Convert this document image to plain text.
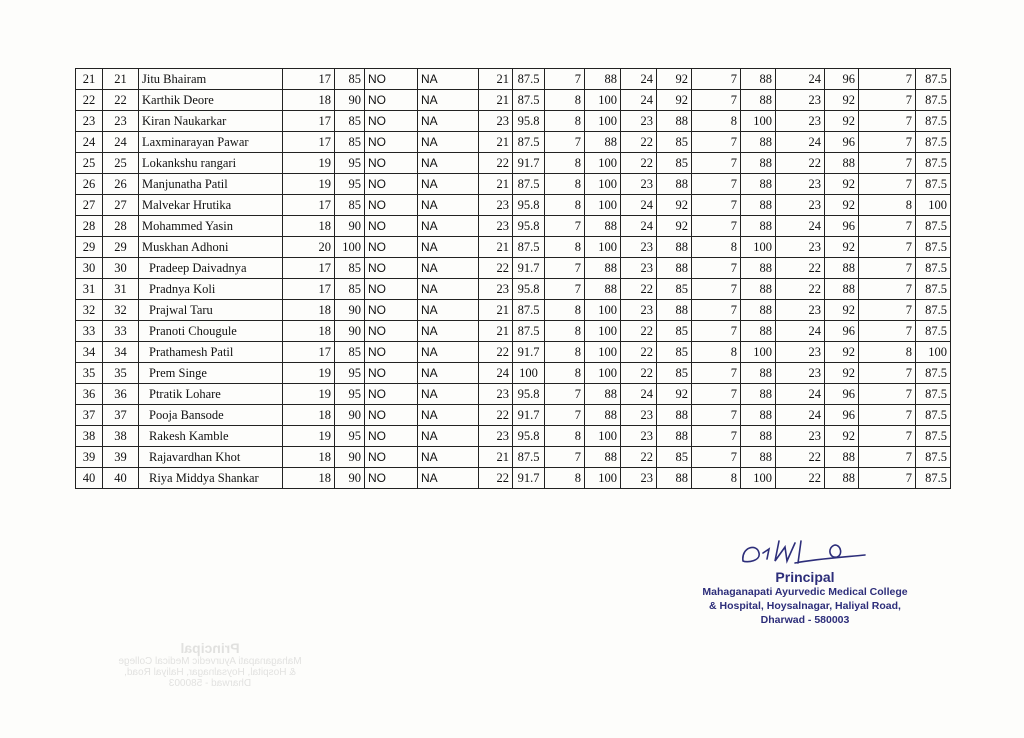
Principal
Mahaganapati Ayurvedic Medical College
& Hospital, Hoysalnagar, Haliyal Road,
Dharwad - 580003
21	21	Jitu Bhairam	17	85	NO	NA	21	87.5	7	88	24	92	7	88	24	96	7	87.5
22	22	Karthik Deore	18	90	NO	NA	21	87.5	8	100	24	92	7	88	23	92	7	87.5
23	23	Kiran Naukarkar	17	85	NO	NA	23	95.8	8	100	23	88	8	100	23	92	7	87.5
24	24	Laxminarayan Pawar	17	85	NO	NA	21	87.5	7	88	22	85	7	88	24	96	7	87.5
25	25	Lokankshu rangari	19	95	NO	NA	22	91.7	8	100	22	85	7	88	22	88	7	87.5
26	26	Manjunatha Patil	19	95	NO	NA	21	87.5	8	100	23	88	7	88	23	92	7	87.5
27	27	Malvekar Hrutika	17	85	NO	NA	23	95.8	8	100	24	92	7	88	23	92	8	100
28	28	Mohammed Yasin	18	90	NO	NA	23	95.8	7	88	24	92	7	88	24	96	7	87.5
29	29	Muskhan Adhoni	20	100	NO	NA	21	87.5	8	100	23	88	8	100	23	92	7	87.5
30	30	Pradeep Daivadnya	17	85	NO	NA	22	91.7	7	88	23	88	7	88	22	88	7	87.5
31	31	Pradnya Koli	17	85	NO	NA	23	95.8	7	88	22	85	7	88	22	88	7	87.5
32	32	Prajwal Taru	18	90	NO	NA	21	87.5	8	100	23	88	7	88	23	92	7	87.5
33	33	Pranoti Chougule	18	90	NO	NA	21	87.5	8	100	22	85	7	88	24	96	7	87.5
34	34	Prathamesh Patil	17	85	NO	NA	22	91.7	8	100	22	85	8	100	23	92	8	100
35	35	Prem Singe	19	95	NO	NA	24	100	8	100	22	85	7	88	23	92	7	87.5
36	36	Ptratik Lohare	19	95	NO	NA	23	95.8	7	88	24	92	7	88	24	96	7	87.5
37	37	Pooja Bansode	18	90	NO	NA	22	91.7	7	88	23	88	7	88	24	96	7	87.5
38	38	Rakesh Kamble	19	95	NO	NA	23	95.8	8	100	23	88	7	88	23	92	7	87.5
39	39	Rajavardhan Khot	18	90	NO	NA	21	87.5	7	88	22	85	7	88	22	88	7	87.5
40	40	Riya Middya Shankar	18	90	NO	NA	22	91.7	8	100	23	88	8	100	22	88	7	87.5
Principal
Mahaganapati Ayurvedic Medical College
& Hospital, Hoysalnagar, Haliyal Road,
Dharwad - 580003
